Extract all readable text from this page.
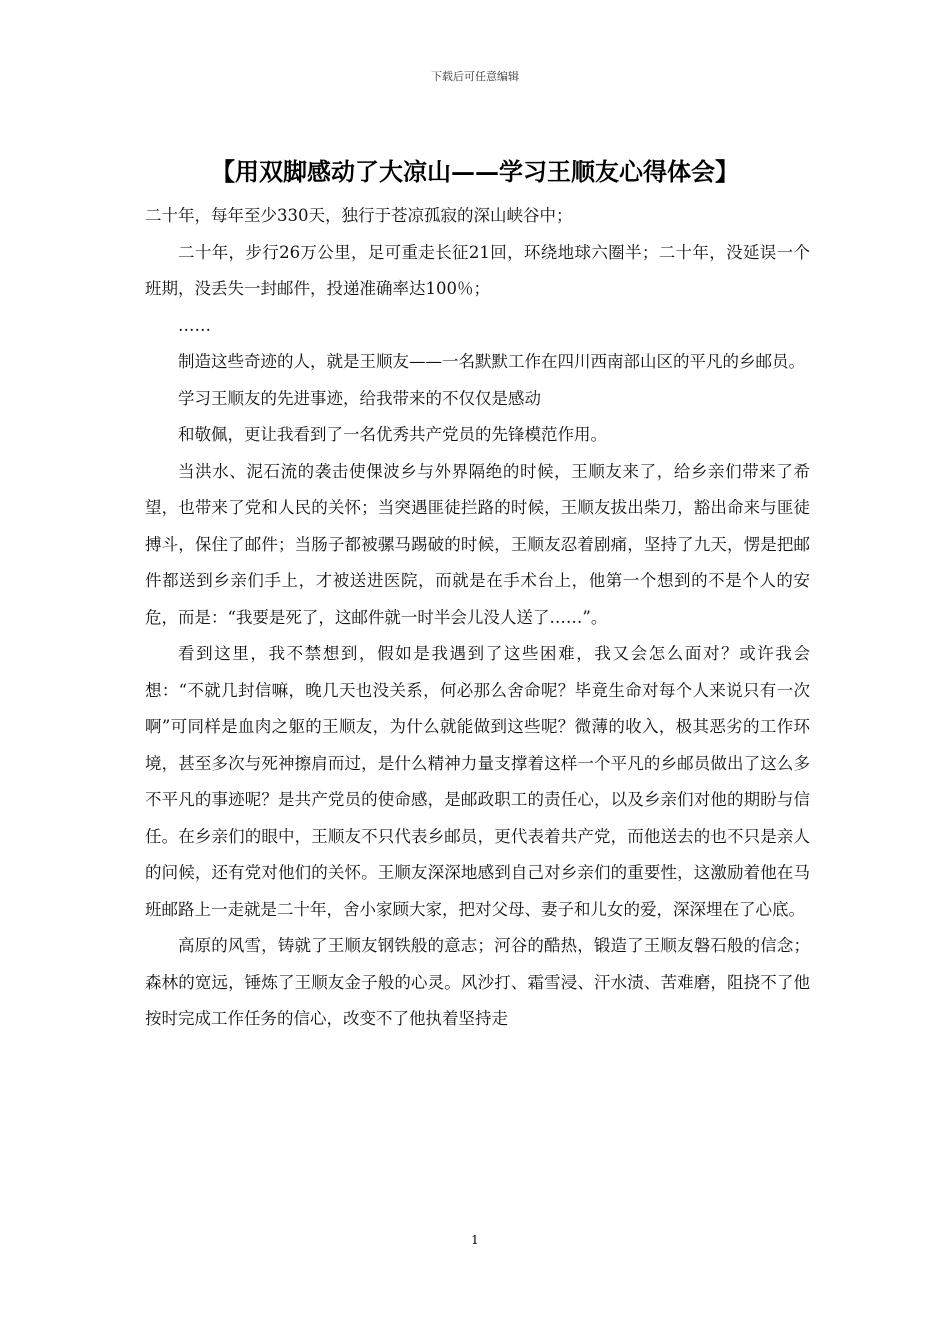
下载后可任意编辑
【用双脚感动了大凉山——学习王顺友心得体会】

二十年，每年至少330天，独行于苍凉孤寂的深山峡谷中；

二十年，步行26万公里，足可重走长征21回，环绕地球六圈半；二十年，没延误一个班期，没丢失一封邮件，投递准确率达100％；

……

制造这些奇迹的人，就是王顺友——一名默默工作在四川西南部山区的平凡的乡邮员。

学习王顺友的先进事迹，给我带来的不仅仅是感动

和敬佩，更让我看到了一名优秀共产党员的先锋模范作用。

当洪水、泥石流的袭击使倮波乡与外界隔绝的时候，王顺友来了，给乡亲们带来了希望，也带来了党和人民的关怀；当突遇匪徒拦路的时候，王顺友拔出柴刀，豁出命来与匪徒搏斗，保住了邮件；当肠子都被骡马踢破的时候，王顺友忍着剧痛，坚持了九天，愣是把邮件都送到乡亲们手上，才被送进医院，而就是在手术台上，他第一个想到的不是个人的安危，而是：“我要是死了，这邮件就一时半会儿没人送了……”。

看到这里，我不禁想到，假如是我遇到了这些困难，我又会怎么面对？或许我会想：“不就几封信嘛，晚几天也没关系，何必那么舍命呢？毕竟生命对每个人来说只有一次啊”可同样是血肉之躯的王顺友，为什么就能做到这些呢？微薄的收入，极其恶劣的工作环境，甚至多次与死神擦肩而过，是什么精神力量支撑着这样一个平凡的乡邮员做出了这么多不平凡的事迹呢？是共产党员的使命感，是邮政职工的责任心，以及乡亲们对他的期盼与信任。在乡亲们的眼中，王顺友不只代表乡邮员，更代表着共产党，而他送去的也不只是亲人的问候，还有党对他们的关怀。王顺友深深地感到自己对乡亲们的重要性，这激励着他在马班邮路上一走就是二十年，舍小家顾大家，把对父母、妻子和儿女的爱，深深埋在了心底。

高原的风雪，铸就了王顺友钢铁般的意志；河谷的酷热，锻造了王顺友磐石般的信念；森林的宽远，锤炼了王顺友金子般的心灵。风沙打、霜雪浸、汗水渍、苦难磨，阻挠不了他按时完成工作任务的信心，改变不了他执着坚持走

1
